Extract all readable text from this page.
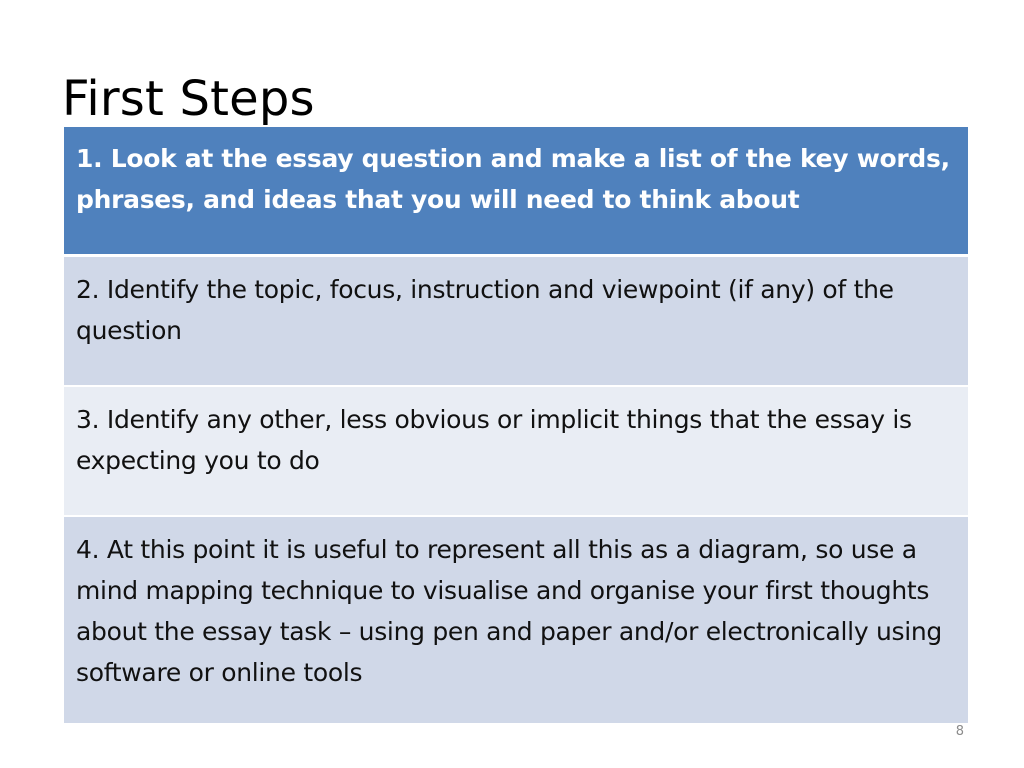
First Steps
1. Look at the essay question and make a list of the key words, phrases, and ideas that you will need to think about
2. Identify the topic, focus, instruction and viewpoint (if any) of the question
3. Identify any other, less obvious or implicit things that the essay is expecting you to do
4. At this point it is useful to represent all this as a diagram, so use a mind mapping technique to visualise and organise your first thoughts about the essay task – using pen and paper and/or electronically using software or online tools
8
